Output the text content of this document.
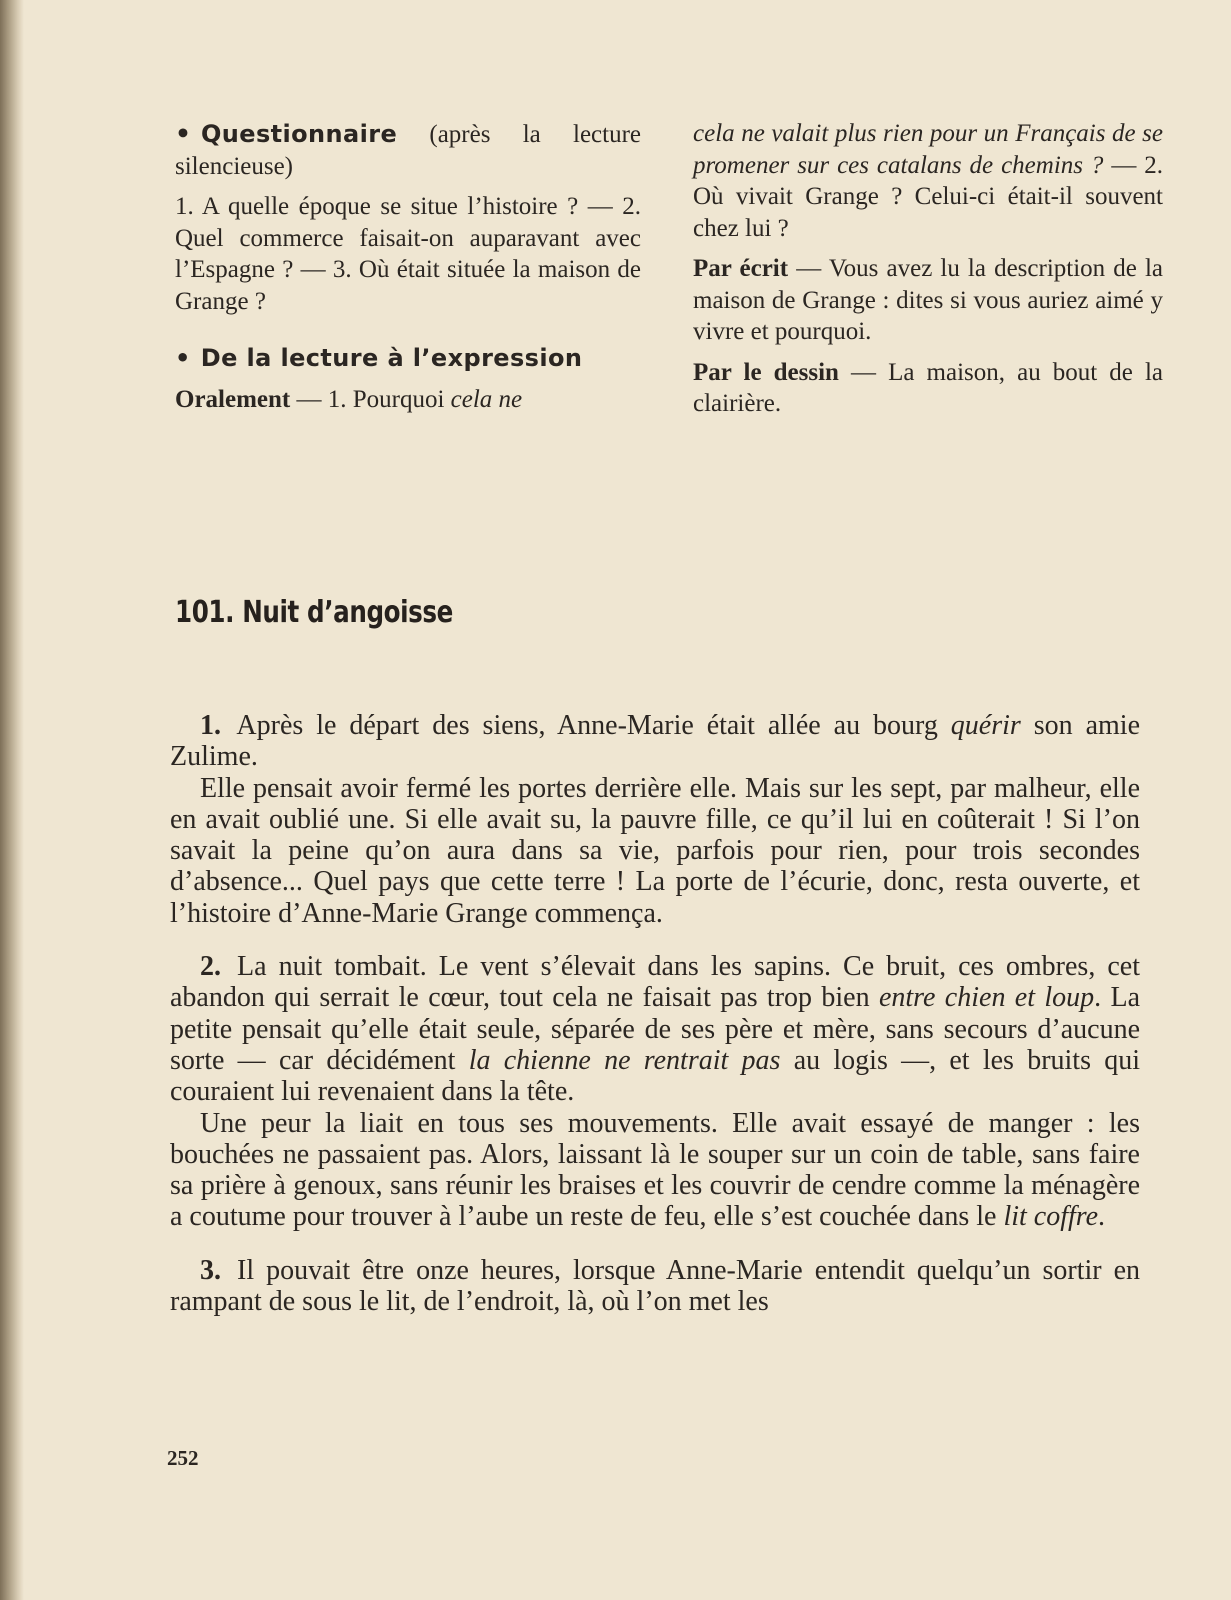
• Questionnaire (après la lecture silencieuse)

1. A quelle époque se situe l’histoire ? — 2. Quel commerce faisait-on auparavant avec l’Espagne ? — 3. Où était située la maison de Grange ?

• De la lecture à l’expression

Oralement — 1. Pourquoi cela ne

cela ne valait plus rien pour un Français de se promener sur ces catalans de chemins ? — 2. Où vivait Grange ? Celui-ci était-il souvent chez lui ?

Par écrit — Vous avez lu la description de la maison de Grange : dites si vous auriez aimé y vivre et pourquoi.

Par le dessin — La maison, au bout de la clairière.

101. Nuit d’angoisse

1. Après le départ des siens, Anne-Marie était allée au bourg quérir son amie Zulime.

Elle pensait avoir fermé les portes derrière elle. Mais sur les sept, par malheur, elle en avait oublié une. Si elle avait su, la pauvre fille, ce qu’il lui en coûterait ! Si l’on savait la peine qu’on aura dans sa vie, parfois pour rien, pour trois secondes d’absence... Quel pays que cette terre ! La porte de l’écurie, donc, resta ouverte, et l’histoire d’Anne-Marie Grange commença.

2. La nuit tombait. Le vent s’élevait dans les sapins. Ce bruit, ces ombres, cet abandon qui serrait le cœur, tout cela ne faisait pas trop bien entre chien et loup. La petite pensait qu’elle était seule, séparée de ses père et mère, sans secours d’aucune sorte — car décidément la chienne ne rentrait pas au logis —, et les bruits qui couraient lui revenaient dans la tête.

Une peur la liait en tous ses mouvements. Elle avait essayé de manger : les bouchées ne passaient pas. Alors, laissant là le souper sur un coin de table, sans faire sa prière à genoux, sans réunir les braises et les couvrir de cendre comme la ménagère a coutume pour trouver à l’aube un reste de feu, elle s’est couchée dans le lit coffre.

3. Il pouvait être onze heures, lorsque Anne-Marie entendit quelqu’un sortir en rampant de sous le lit, de l’endroit, là, où l’on met les

252
